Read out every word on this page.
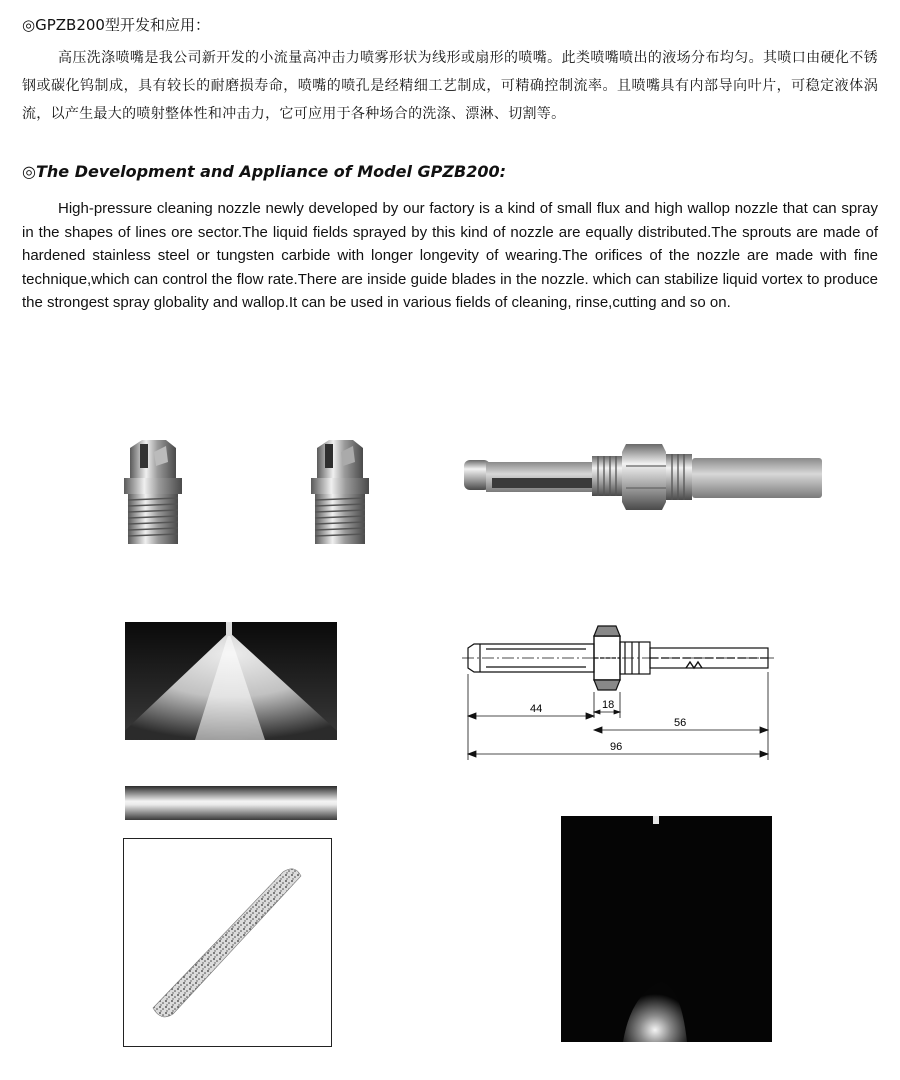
◎GPZB200型开发和应用：
高压洗涤喷嘴是我公司新开发的小流量高冲击力喷雾形状为线形或扇形的喷嘴。此类喷嘴喷出的液场分布均匀。其喷口由硬化不锈钢或碳化钨制成，具有较长的耐磨损寿命，喷嘴的喷孔是经精细工艺制成，可精确控制流率。且喷嘴具有内部导向叶片，可稳定液体涡流，以产生最大的喷射整体性和冲击力，它可应用于各种场合的洗涤、漂淋、切割等。
◎The Development and Appliance of Model GPZB200:
High-pressure cleaning nozzle newly developed by our factory is a kind of small flux and high wallop nozzle that can spray in the shapes of lines ore sector.The liquid fields sprayed by this kind of nozzle are equally distributed.The sprouts are made of hardened stainless steel or tungsten carbide with longer longevity of wearing.The orifices of the nozzle are made with fine technique,which can control the flow rate.There are inside guide blades in the nozzle. which can stabilize liquid vortex to produce the strongest spray globality and wallop.It can be used in various fields of cleaning, rinse,cutting and so on.
44	18
56
96
